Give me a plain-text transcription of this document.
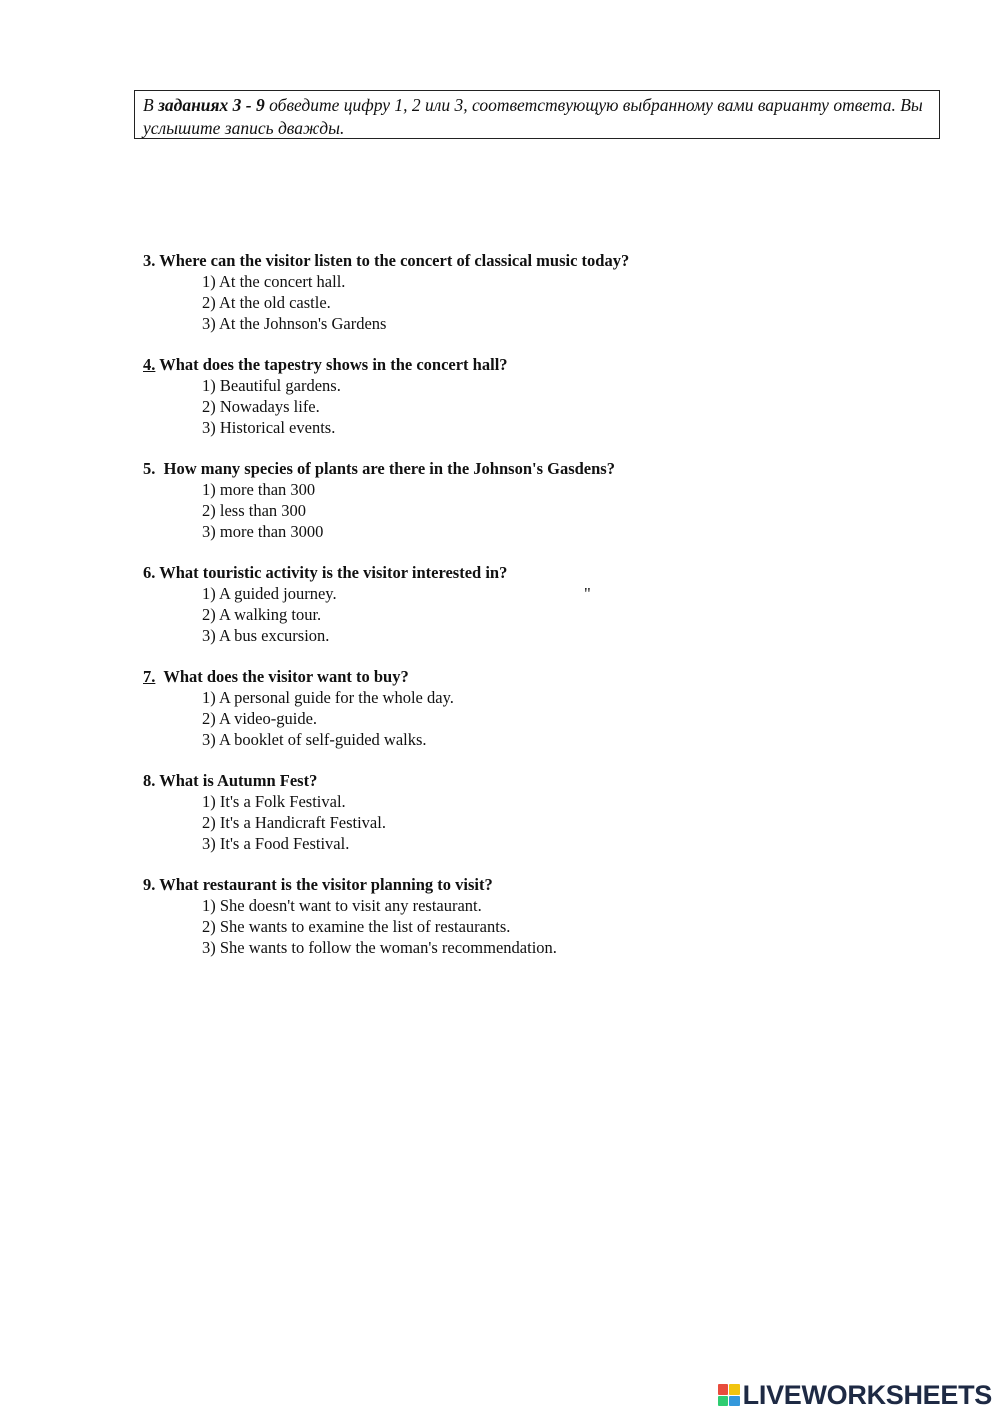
В заданиях 3 - 9 обведите цифру 1, 2 или 3, соответствующую выбранному вами варианту ответа. Вы услышите запись дважды.
3. Where can the visitor listen to the concert of classical music today?
1) At the concert hall.
2) At the old castle.
3) At the Johnson's Gardens
4. What does the tapestry shows in the concert hall?
1) Beautiful gardens.
2) Nowadays life.
3) Historical events.
5.  How many species of plants are there in the Johnson's Gasdens?
1) more than 300
2) less than 300
3) more than 3000
6. What touristic activity is the visitor interested in?
1) A guided journey.	"
2) A walking tour.
3) A bus excursion.
7.  What does the visitor want to buy?
1) A personal guide for the whole day.
2) A video-guide.
3) A booklet of self-guided walks.
8. What is Autumn Fest?
1) It's a Folk Festival.
2) It's a Handicraft Festival.
3) It's a Food Festival.
9. What restaurant is the visitor planning to visit?
1) She doesn't want to visit any restaurant.
2) She wants to examine the list of restaurants.
3) She wants to follow the woman's recommendation.
LIVEWORKSHEETS
